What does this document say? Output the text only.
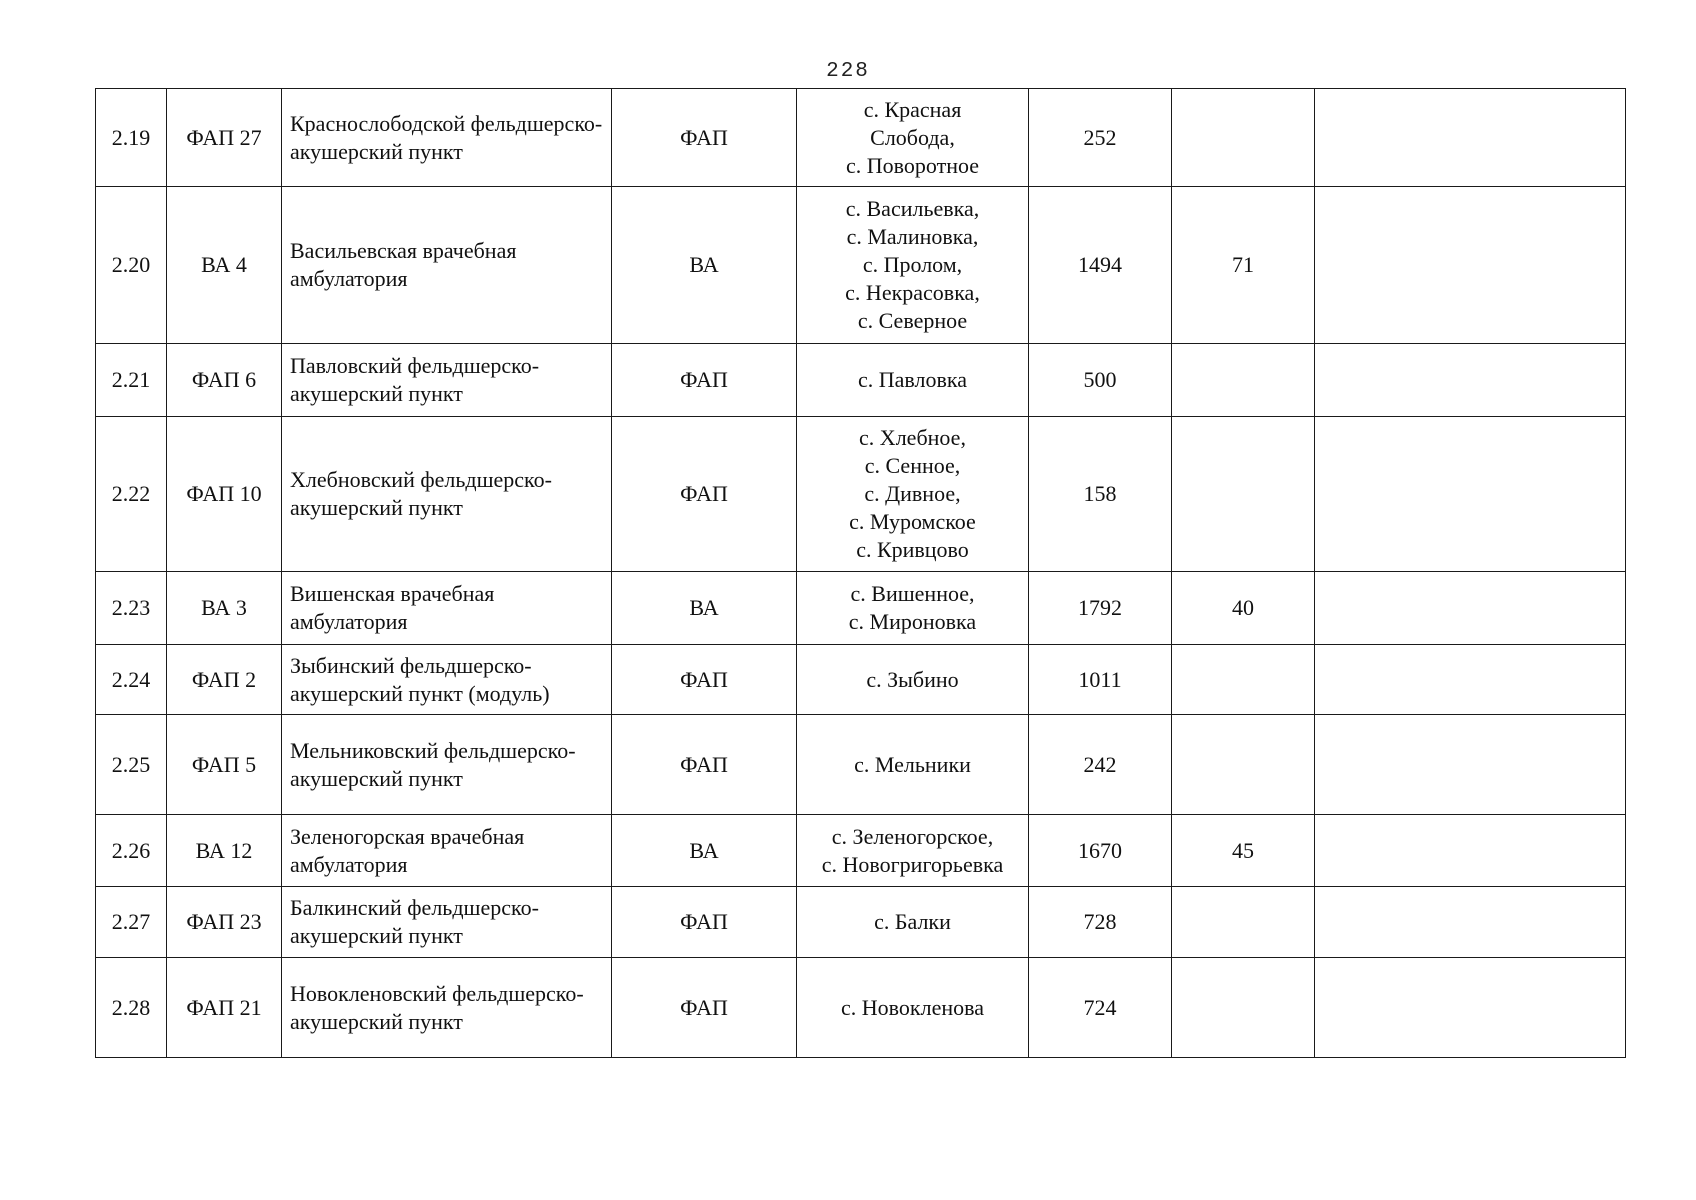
228
2.19	ФАП 27	Краснослободской фельдшерско- акушерский пункт	ФАП	с. Красная
Слобода,
с. Поворотное	252		
2.20	ВА 4	Васильевская врачебная амбулатория	ВА	с. Васильевка,
с. Малиновка,
с. Пролом,
с. Некрасовка,
с. Северное	1494	71	
2.21	ФАП 6	Павловский фельдшерско-акушерский пункт	ФАП	с. Павловка	500		
2.22	ФАП 10	Хлебновский фельдшерско-акушерский пункт	ФАП	с. Хлебное,
с. Сенное,
с. Дивное,
с. Муромское
с. Кривцово	158		
2.23	ВА 3	Вишенская врачебная амбулатория	ВА	с. Вишенное,
с. Мироновка	1792	40	
2.24	ФАП 2	Зыбинский фельдшерско-акушерский пункт (модуль)	ФАП	с. Зыбино	1011		
2.25	ФАП 5	Мельниковский фельдшерско- акушерский пункт	ФАП	с. Мельники	242		
2.26	ВА 12	Зеленогорская врачебная амбулатория	ВА	с. Зеленогорское,
с. Новогригорьевка	1670	45	
2.27	ФАП 23	Балкинский фельдшерско-акушерский пункт	ФАП	с. Балки	728		
2.28	ФАП 21	Новокленовский фельдшерско- акушерский пункт	ФАП	с. Новокленова	724		
